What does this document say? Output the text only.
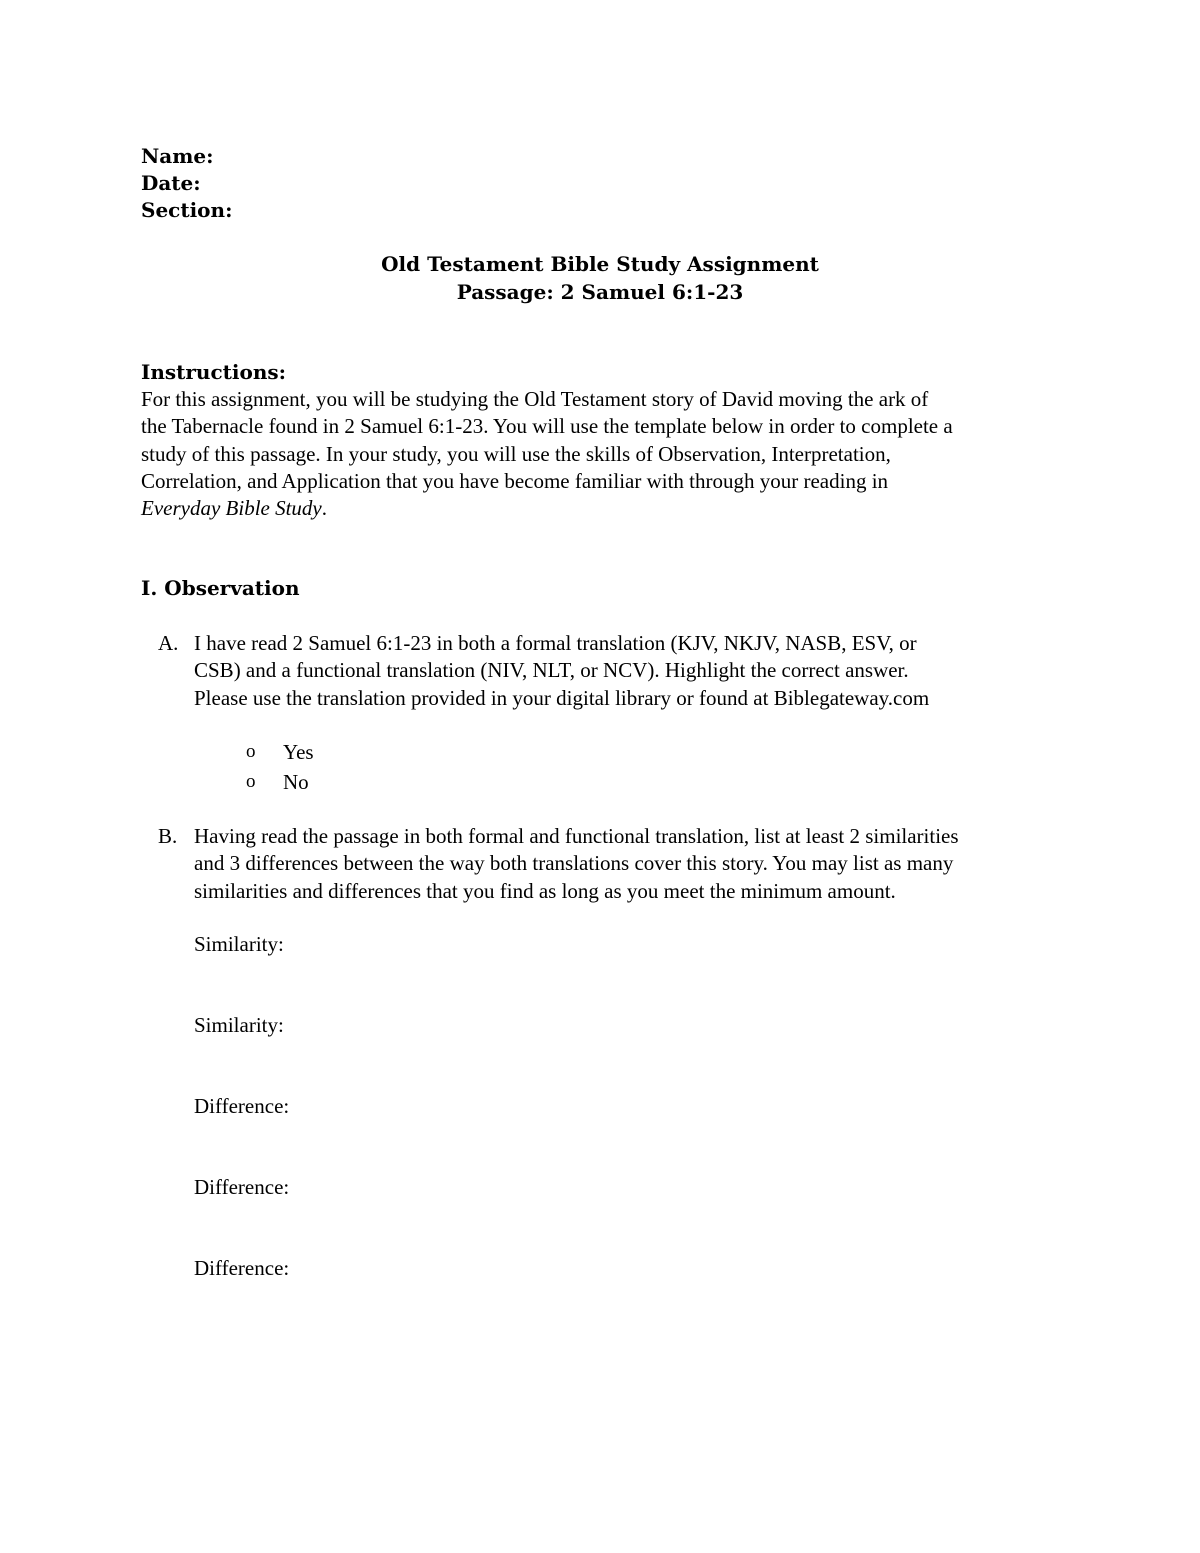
Name:
Date:
Section:
Old Testament Bible Study Assignment
Passage: 2 Samuel 6:1-23
Instructions:
For this assignment, you will be studying the Old Testament story of David moving the ark of
the Tabernacle found in 2 Samuel 6:1-23. You will use the template below in order to complete a
study of this passage. In your study, you will use the skills of Observation, Interpretation,
Correlation, and Application that you have become familiar with through your reading in
Everyday Bible Study.
I. Observation
A. I have read 2 Samuel 6:1-23 in both a formal translation (KJV, NKJV, NASB, ESV, or
CSB) and a functional translation (NIV, NLT, or NCV). Highlight the correct answer.
Please use the translation provided in your digital library or found at Biblegateway.com
o Yes
o No
B. Having read the passage in both formal and functional translation, list at least 2 similarities
and 3 differences between the way both translations cover this story. You may list as many
similarities and differences that you find as long as you meet the minimum amount.
Similarity:
Similarity:
Difference:
Difference:
Difference:
